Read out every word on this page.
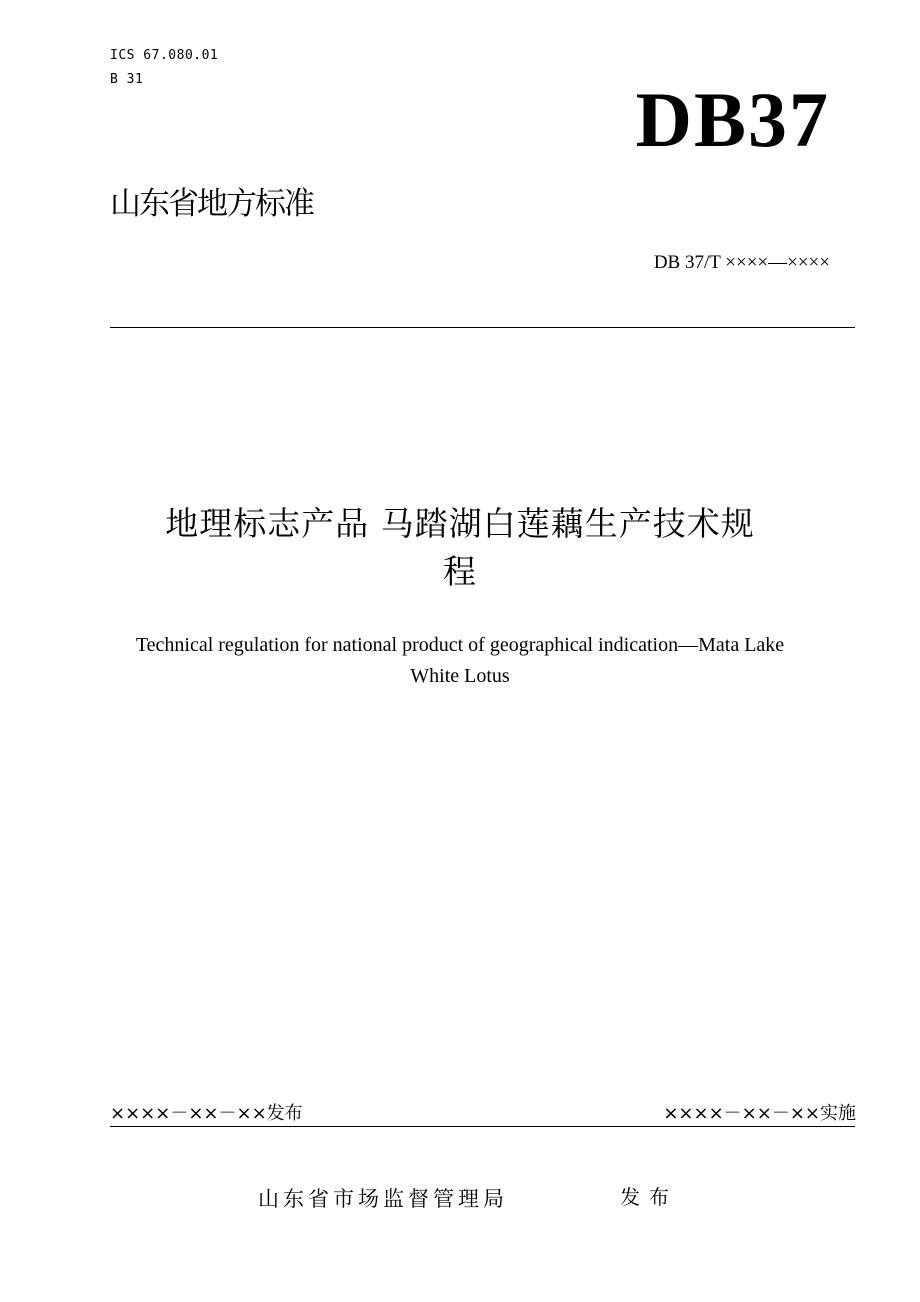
ICS 67.080.01
B 31	DB37
山东省地方标准
DB 37/T ××××—××××
地理标志产品 马踏湖白莲藕生产技术规
程
Technical regulation for national product of geographical indication—Mata Lake
White Lotus
××××－××－××发布	××××－××－××实施
山东省市场监督管理局	发布
